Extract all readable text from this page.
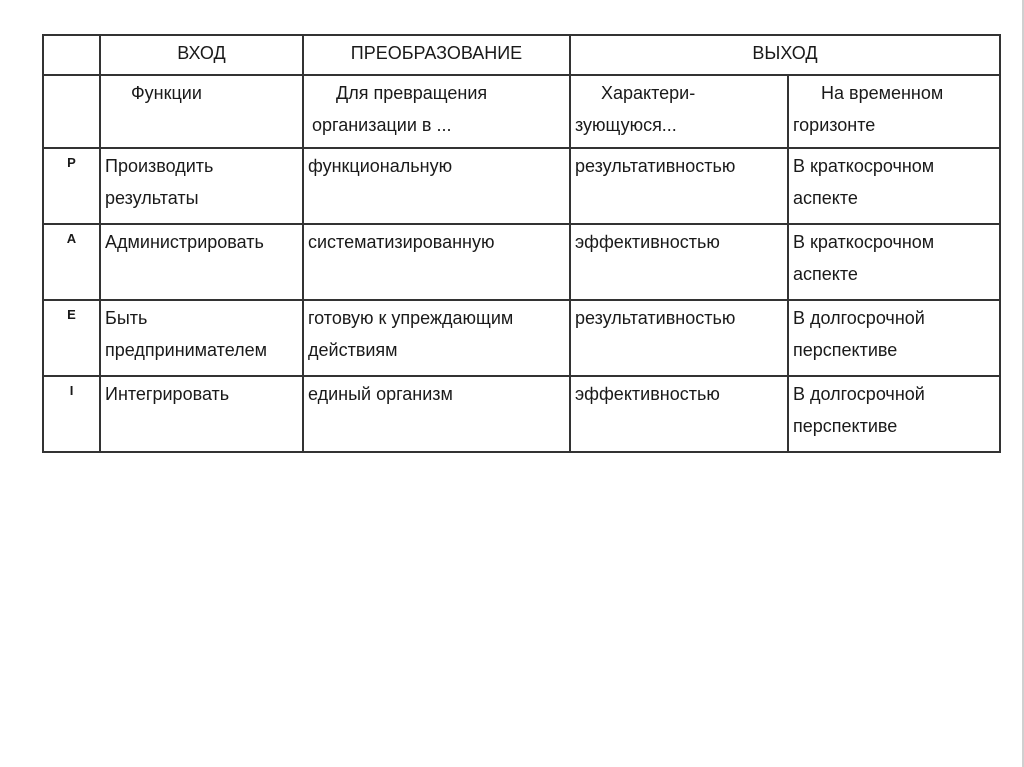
	ВХОД	ПРЕОБРАЗОВАНИЕ	ВЫХОД	
	Функции	Для превращения организации в ...	Характери-зующуюся...	На временном горизонте
P	Производить результаты	функциональную	результативностью	В краткосрочном аспекте
A	Администрировать	систематизированную	эффективностью	В краткосрочном аспекте
E	Быть предпринимателем	готовую к упреждающим действиям	результативностью	В долгосрочной перспективе
I	Интегрировать	единый организм	эффективностью	В долгосрочной перспективе
